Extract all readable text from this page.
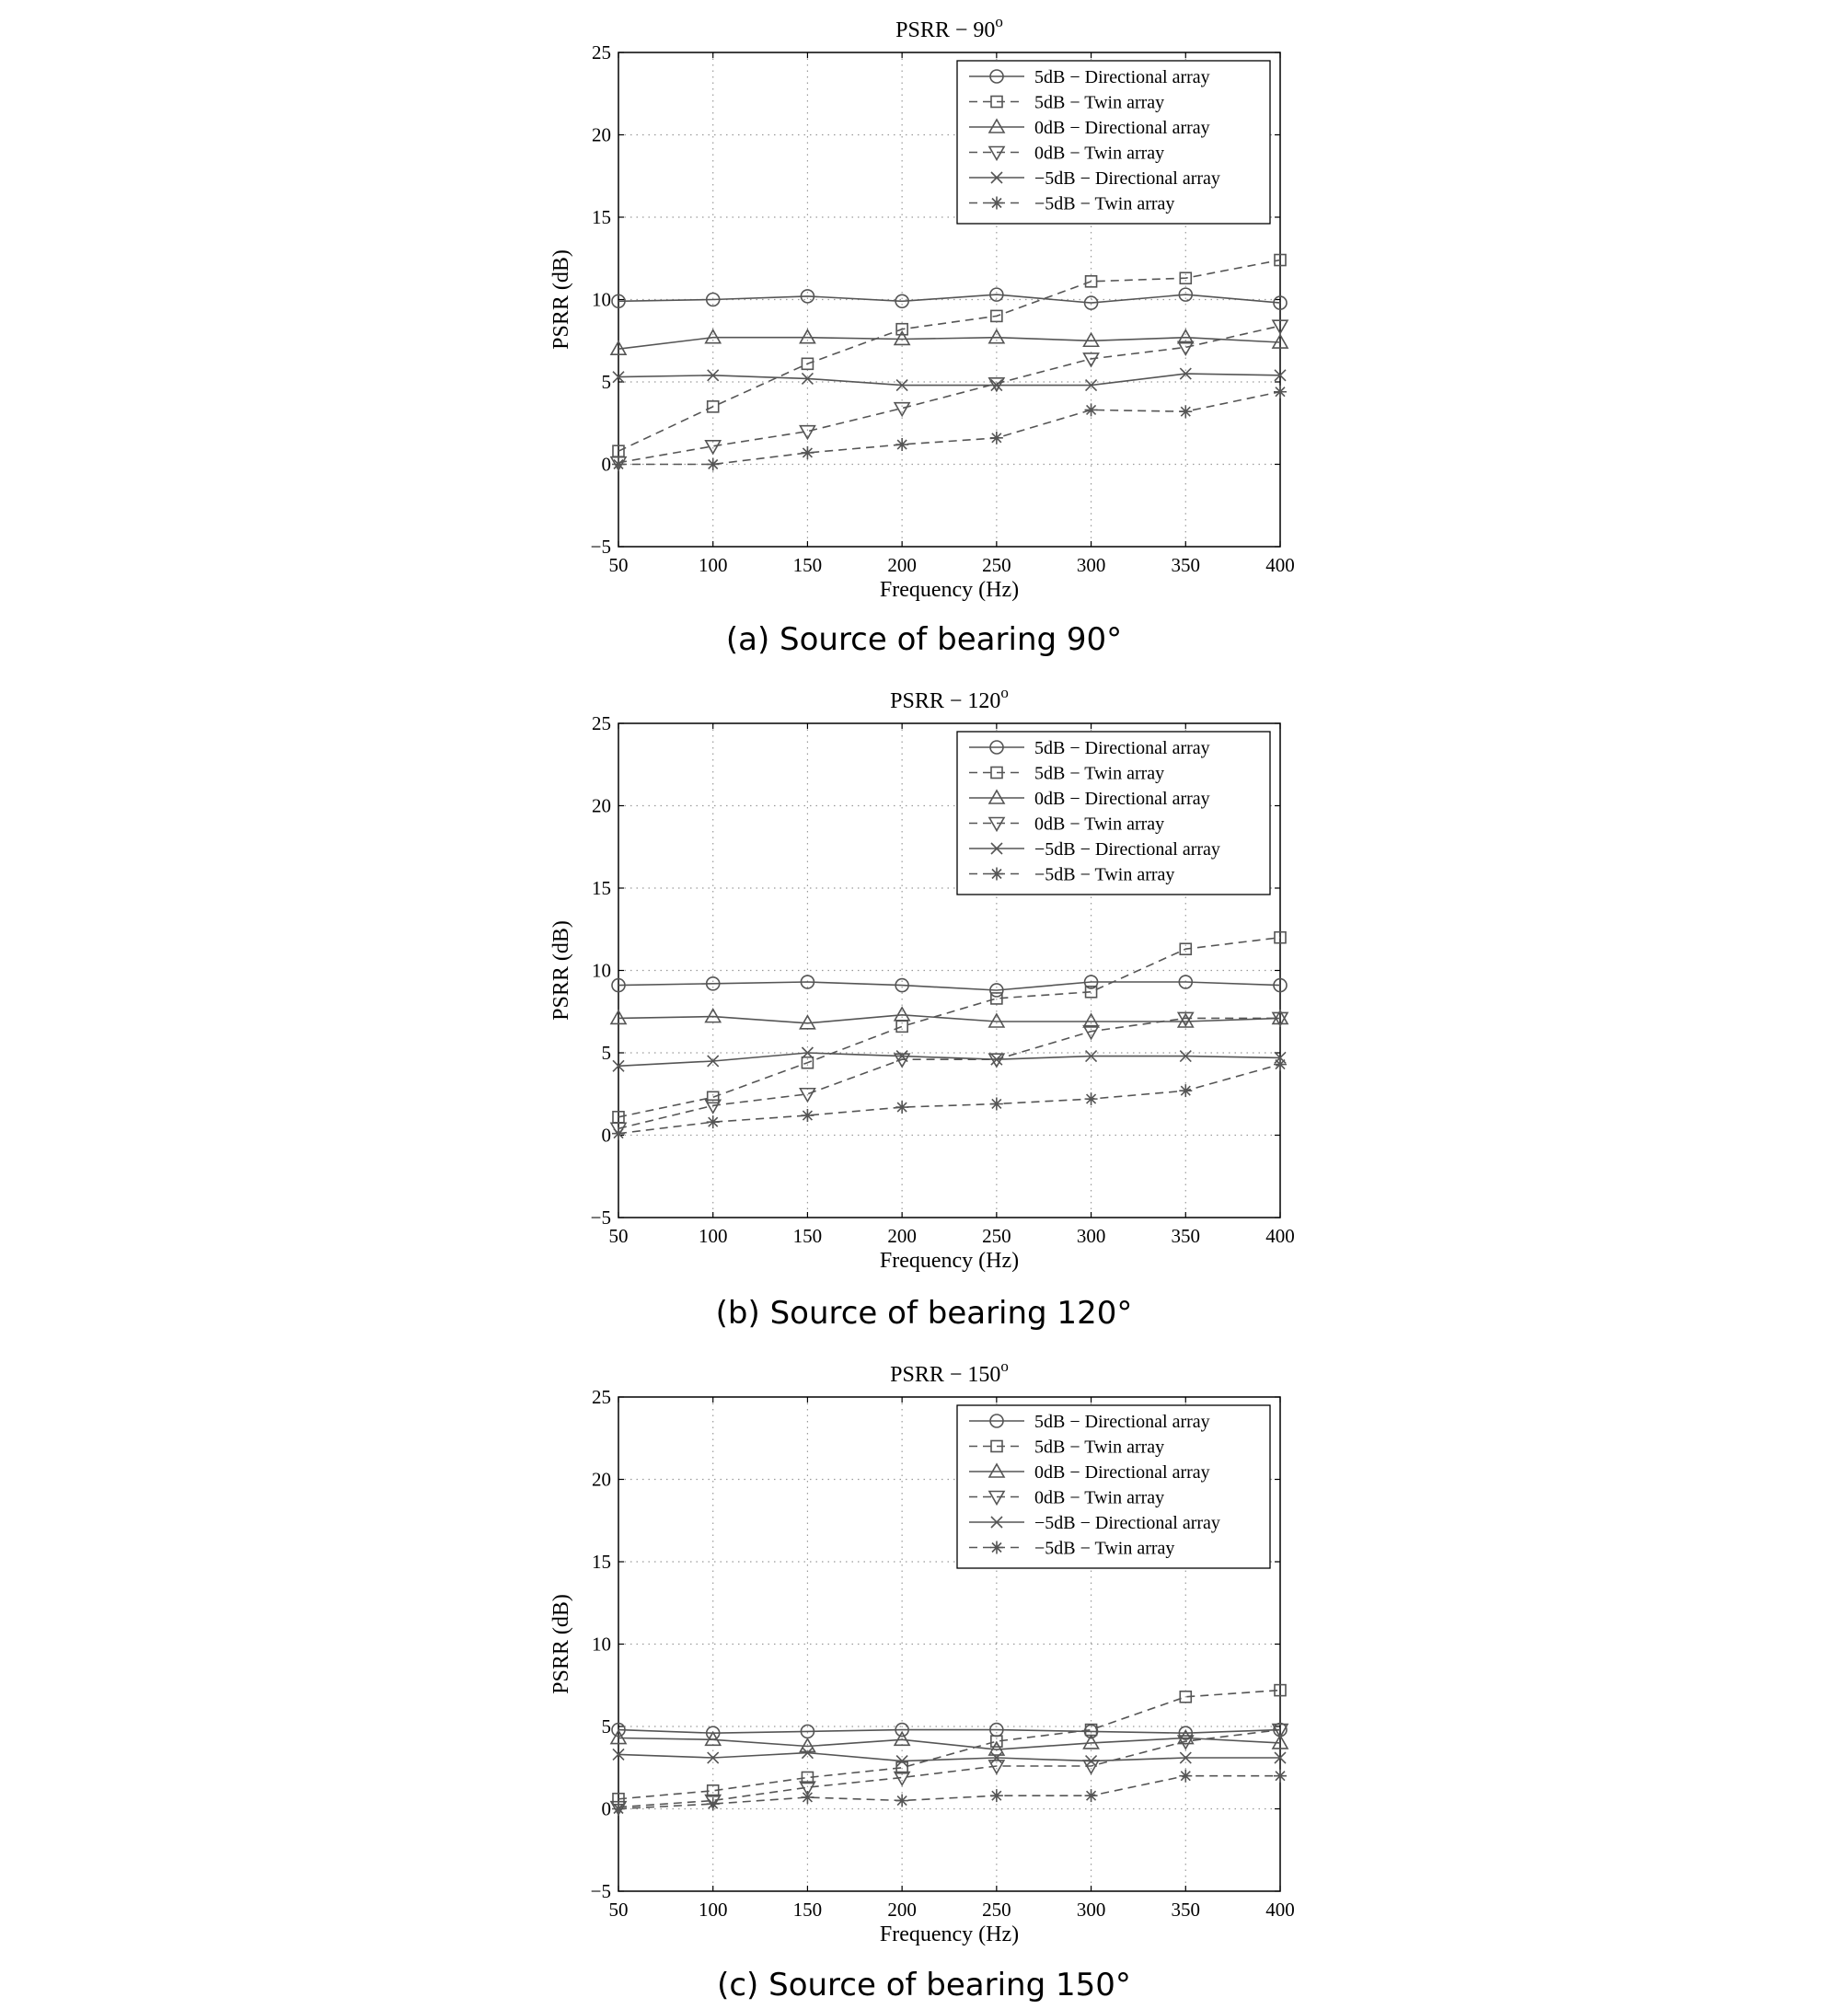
50	100	150	200	250	300	350	400
−5
0
5
10
15
20
25
PSRR − $90^o$
Frequency (Hz)
PSRR (dB)
5dB − Directional array
5dB − Twin array
0dB − Directional array
0dB − Twin array
−5dB − Directional array
−5dB − Twin array
(a) Source of bearing 90°
50	100	150	200	250	300	350	400
−5
0
5
10
15
20
25
PSRR − $120^o$
Frequency (Hz)
PSRR (dB)
5dB − Directional array
5dB − Twin array
0dB − Directional array
0dB − Twin array
−5dB − Directional array
−5dB − Twin array
(b) Source of bearing 120°
50	100	150	200	250	300	350	400
−5
0
5
10
15
20
25
PSRR − $150^o$
Frequency (Hz)
PSRR (dB)
5dB − Directional array
5dB − Twin array
0dB − Directional array
0dB − Twin array
−5dB − Directional array
−5dB − Twin array
(c) Source of bearing 150°
